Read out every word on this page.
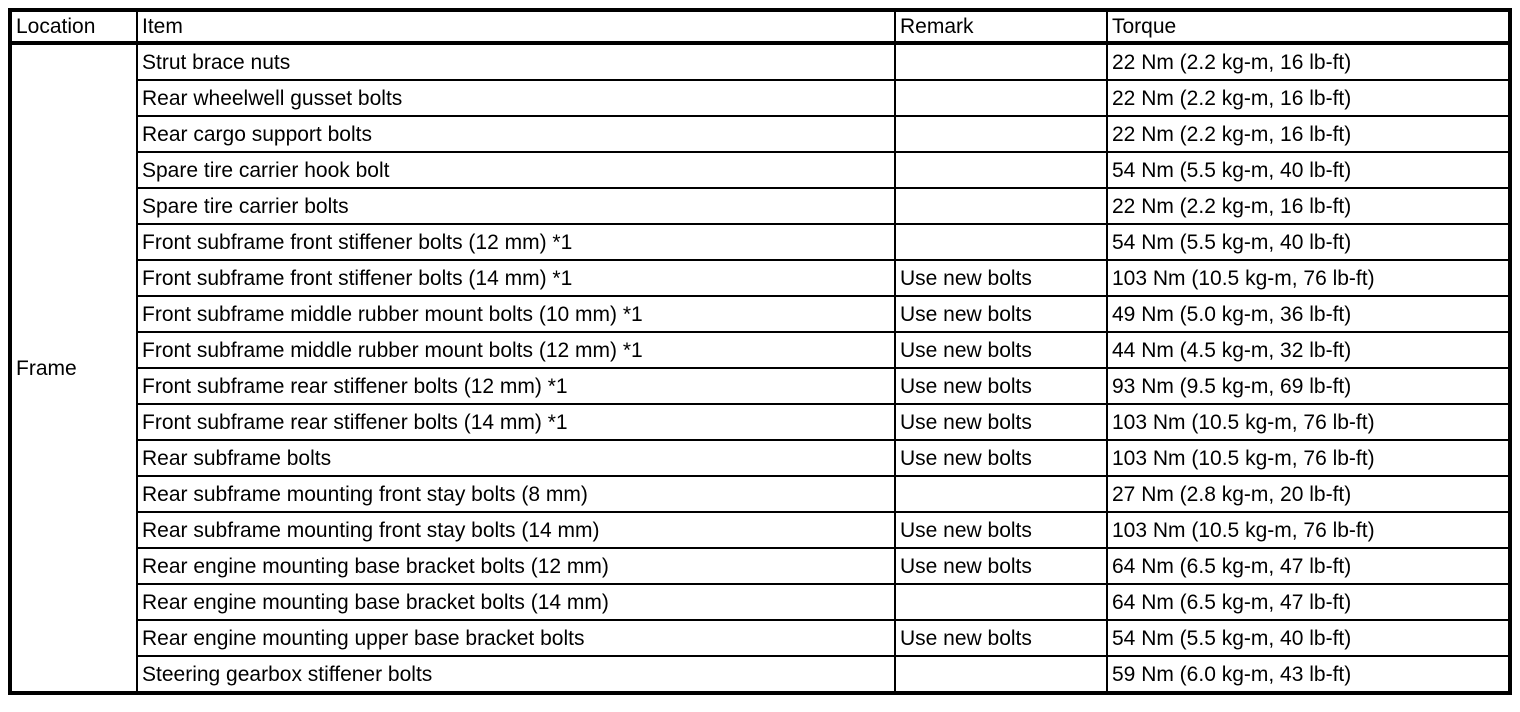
Location	Item	Remark	Torque
Frame	Strut brace nuts		22 Nm (2.2 kg-m, 16 lb-ft)
	Rear wheelwell gusset bolts		22 Nm (2.2 kg-m, 16 lb-ft)
	Rear cargo support bolts		22 Nm (2.2 kg-m, 16 lb-ft)
	Spare tire carrier hook bolt		54 Nm (5.5 kg-m, 40 lb-ft)
	Spare tire carrier bolts		22 Nm (2.2 kg-m, 16 lb-ft)
	Front subframe front stiffener bolts (12 mm) *1		54 Nm (5.5 kg-m, 40 lb-ft)
	Front subframe front stiffener bolts (14 mm) *1	Use new bolts	103 Nm (10.5 kg-m, 76 lb-ft)
	Front subframe middle rubber mount bolts (10 mm) *1	Use new bolts	49 Nm (5.0 kg-m, 36 lb-ft)
	Front subframe middle rubber mount bolts (12 mm) *1	Use new bolts	44 Nm (4.5 kg-m, 32 lb-ft)
	Front subframe rear stiffener bolts (12 mm) *1	Use new bolts	93 Nm (9.5 kg-m, 69 lb-ft)
	Front subframe rear stiffener bolts (14 mm) *1	Use new bolts	103 Nm (10.5 kg-m, 76 lb-ft)
	Rear subframe bolts	Use new bolts	103 Nm (10.5 kg-m, 76 lb-ft)
	Rear subframe mounting front stay bolts (8 mm)		27 Nm (2.8 kg-m, 20 lb-ft)
	Rear subframe mounting front stay bolts (14 mm)	Use new bolts	103 Nm (10.5 kg-m, 76 lb-ft)
	Rear engine mounting base bracket bolts (12 mm)	Use new bolts	64 Nm (6.5 kg-m, 47 lb-ft)
	Rear engine mounting base bracket bolts (14 mm)		64 Nm (6.5 kg-m, 47 lb-ft)
	Rear engine mounting upper base bracket bolts	Use new bolts	54 Nm (5.5 kg-m, 40 lb-ft)
	Steering gearbox stiffener bolts		59 Nm (6.0 kg-m, 43 lb-ft)
